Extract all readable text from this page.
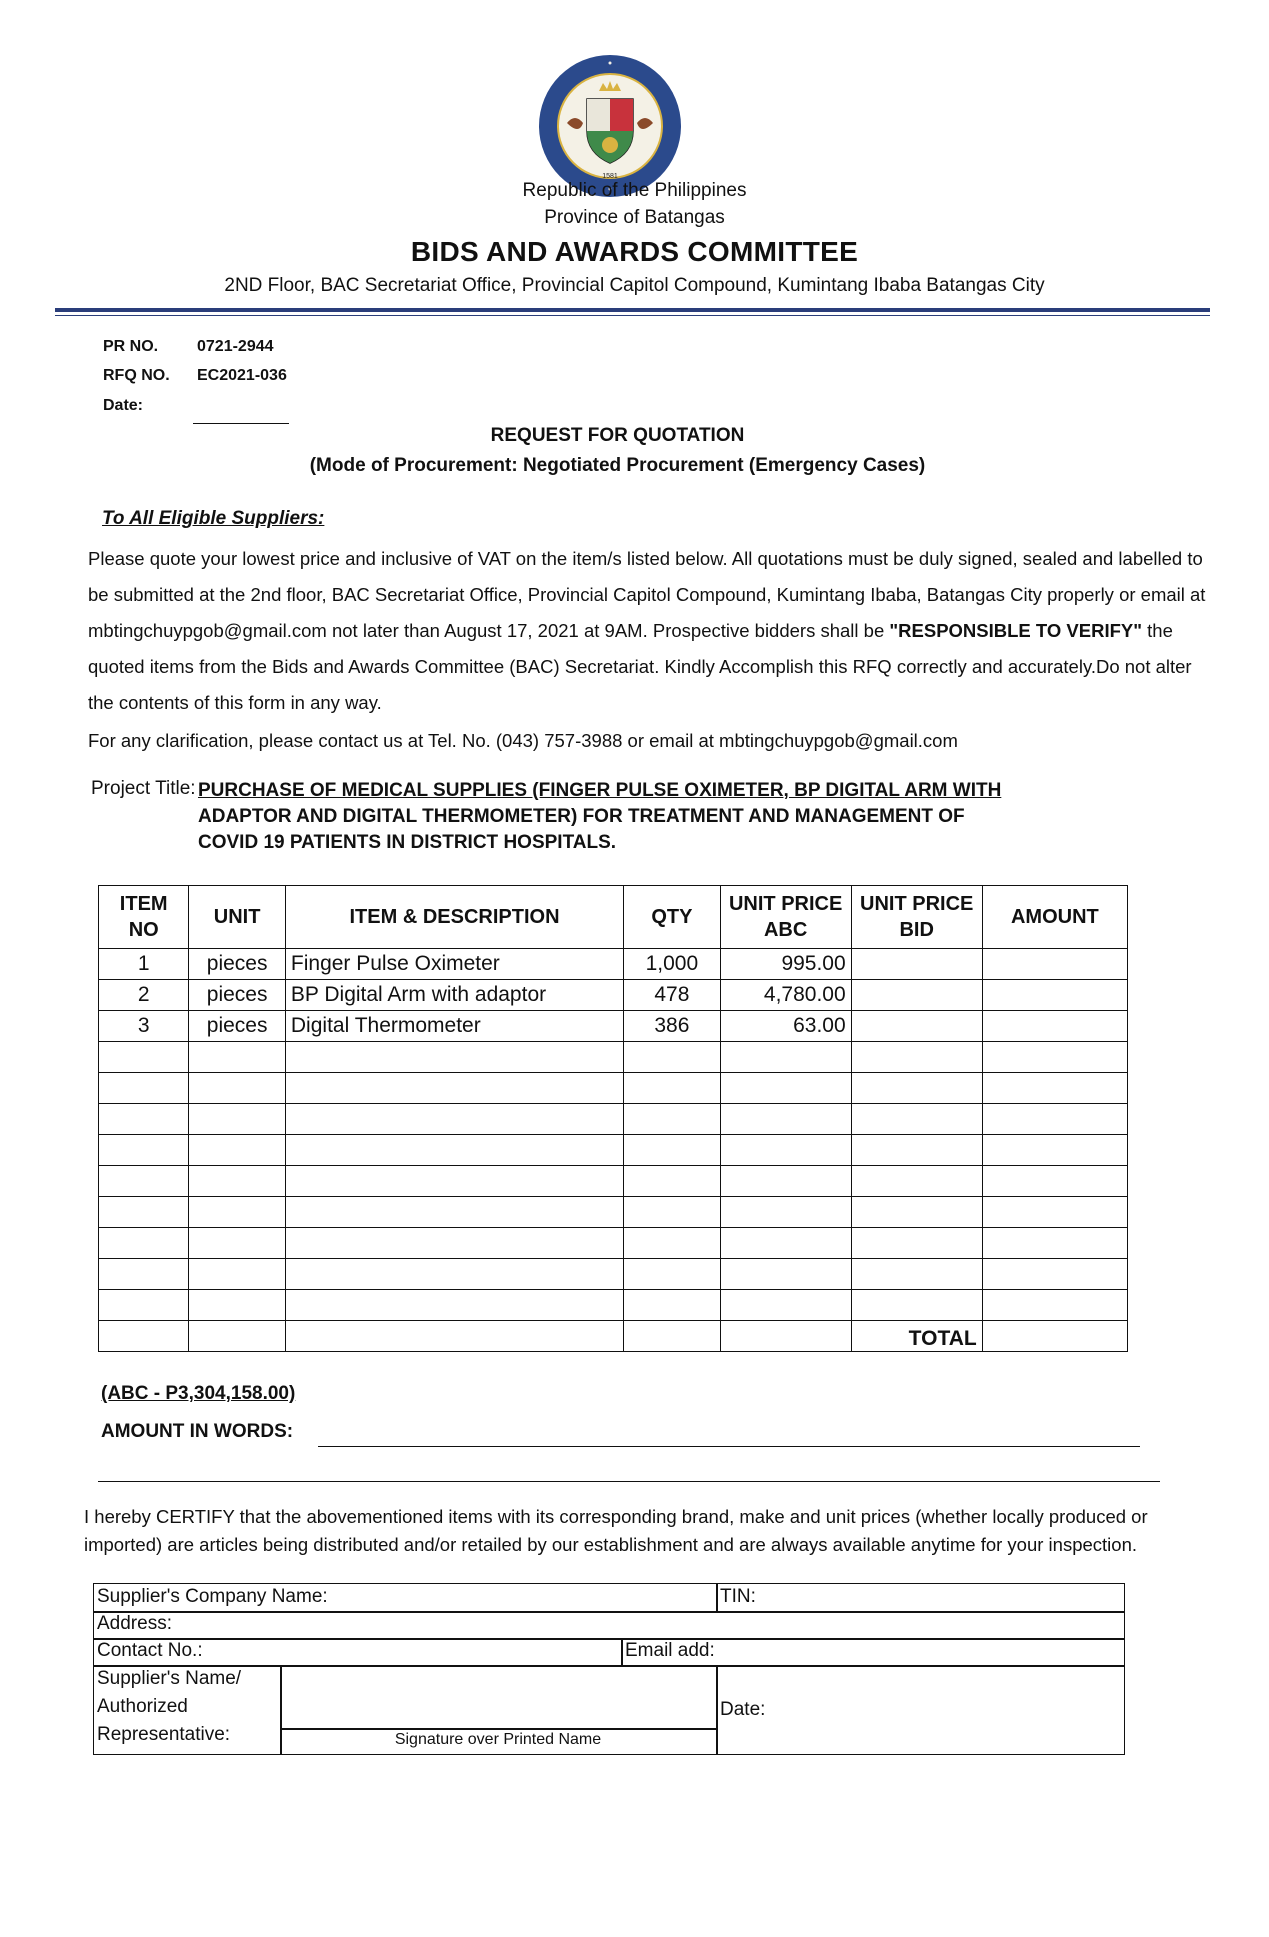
1581
Republic of the Philippines
Province of Batangas
BIDS AND AWARDS COMMITTEE
2ND Floor, BAC Secretariat Office, Provincial Capitol Compound, Kumintang Ibaba Batangas City
PR NO. 0721-2944
RFQ NO. EC2021-036
Date:
REQUEST FOR QUOTATION
(Mode of Procurement: Negotiated Procurement (Emergency Cases)
To All Eligible Suppliers:
Please quote your lowest price and inclusive of VAT on the item/s listed below. All quotations must be duly signed, sealed and labelled to be submitted at the 2nd floor, BAC Secretariat Office, Provincial Capitol Compound, Kumintang Ibaba, Batangas City properly or email at mbtingchuypgob@gmail.com not later than August 17, 2021 at 9AM. Prospective bidders shall be "RESPONSIBLE TO VERIFY" the quoted items from the Bids and Awards Committee (BAC) Secretariat. Kindly Accomplish this RFQ correctly and accurately.Do not alter the contents of this form in any way.
For any clarification, please contact us at Tel. No. (043) 757-3988 or email at mbtingchuypgob@gmail.com
Project Title: PURCHASE OF MEDICAL SUPPLIES (FINGER PULSE OXIMETER, BP DIGITAL ARM WITH
ADAPTOR AND DIGITAL THERMOMETER) FOR TREATMENT AND MANAGEMENT OF
COVID 19 PATIENTS IN DISTRICT HOSPITALS.
ITEM NO	UNIT	ITEM & DESCRIPTION	QTY	UNIT PRICE ABC	UNIT PRICE BID	AMOUNT
1	pieces	Finger Pulse Oximeter	1,000	995.00		
2	pieces	BP Digital Arm with adaptor	478	4,780.00		
3	pieces	Digital Thermometer	386	63.00		

					TOTAL	
(ABC - P3,304,158.00)
AMOUNT IN WORDS:
I hereby CERTIFY that the abovementioned items with its corresponding brand, make and unit prices (whether locally produced or imported) are articles being distributed and/or retailed by our establishment and are always available anytime for your inspection.
Supplier's Company Name:	TIN:
Address:
Contact No.:	Email add:
Supplier's Name/
Authorized
Representative:	Signature over Printed Name
Date:
